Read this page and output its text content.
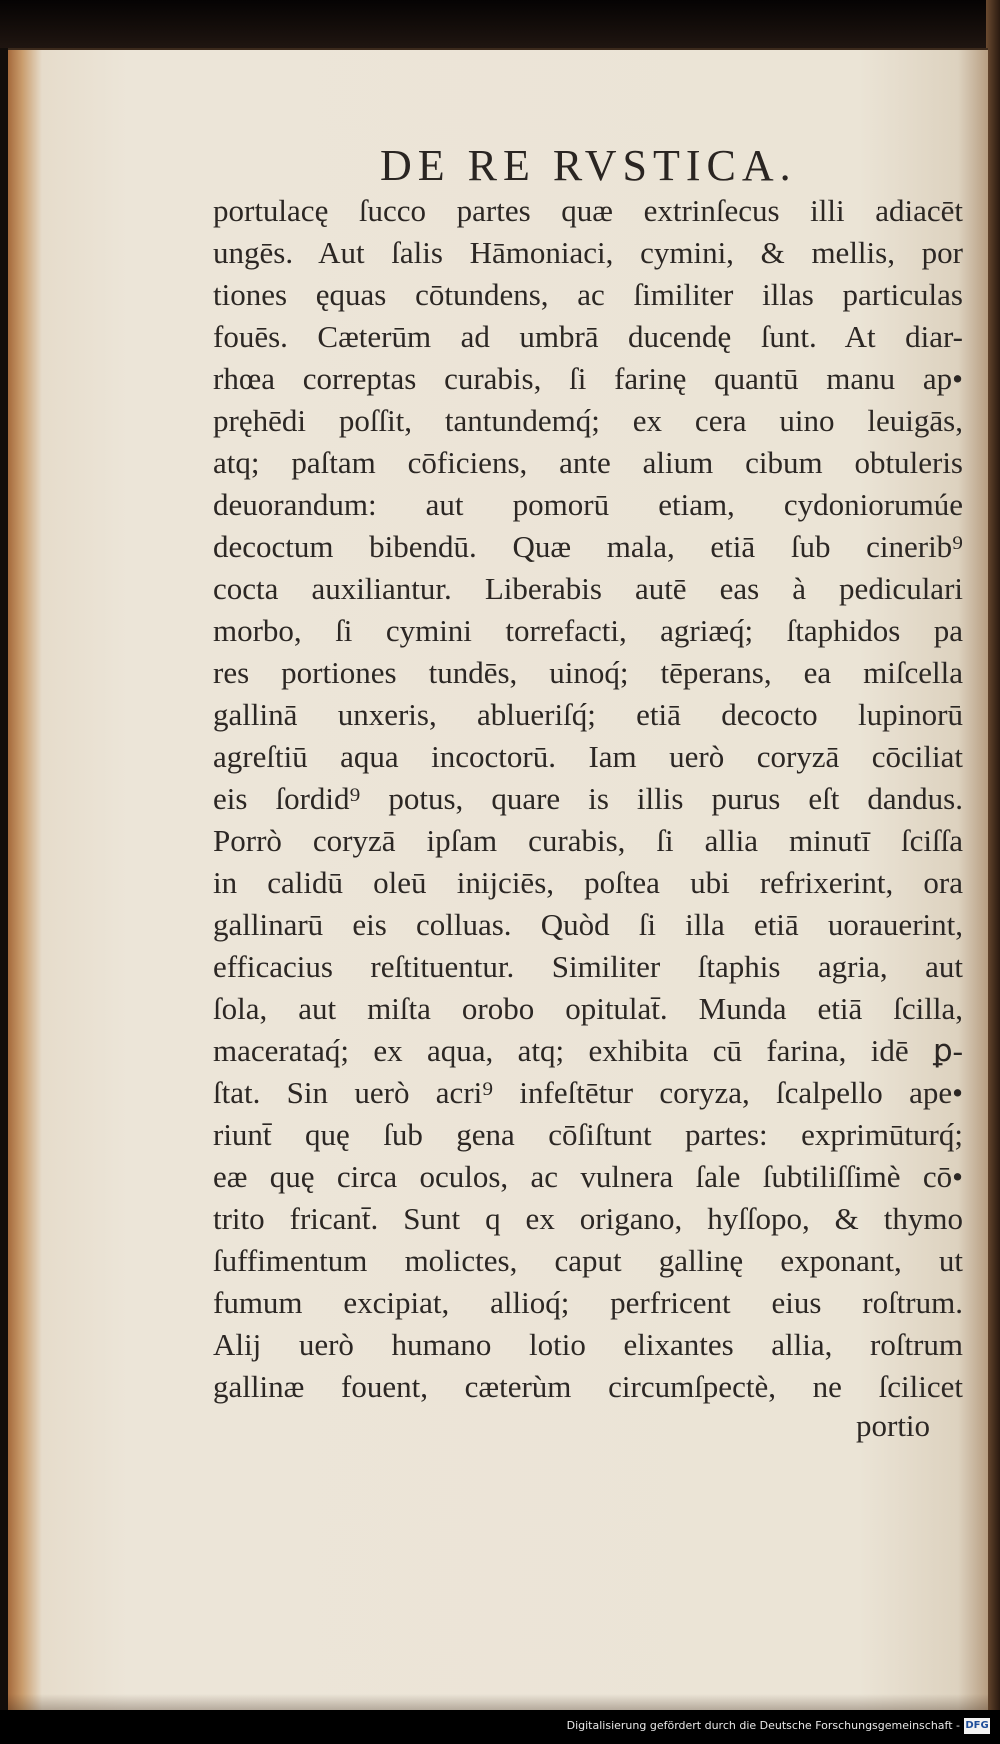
DE RE RVSTICA.
portulacę ſucco partes quæ extrinſecus illi adiacēt
ungēs. Aut ſalis Hāmoniaci, cymini, & mellis, por
tiones ęquas cōtundens, ac ſimiliter illas particulas
fouēs. Cæterūm ad umbrā ducendę ſunt. At diar-
rhœa correptas curabis, ſi farinę quantū manu ap•
pręhēdi poſſit, tantundemq́; ex cera uino leuigās,
atq; paſtam cōficiens, ante alium cibum obtuleris
deuorandum: aut pomorū etiam, cydoniorumúe
decoctum bibendū. Quæ mala, etiā ſub cinerib⁹
cocta auxiliantur. Liberabis autē eas à pediculari
morbo, ſi cymini torrefacti, agriæq́; ſtaphidos pa
res portiones tundēs, uinoq́; tēperans, ea miſcella
gallinā unxeris, ablueriſq́; etiā decocto lupinorū
agreſtiū aqua incoctorū. Iam uerò coryzā cōciliat
eis ſordid⁹ potus, quare is illis purus eſt dandus.
Porrò coryzā ipſam curabis, ſi allia minutī ſciſſa
in calidū oleū inijciēs, poſtea ubi refrixerint, ora
gallinarū eis colluas. Quòd ſi illa etiā uorauerint,
efficacius reſtituentur. Similiter ſtaphis agria, aut
ſola, aut miſta orobo opitulat̄. Munda etiā ſcilla,
macerataq́; ex aqua, atq; exhibita cū farina, idē ꝑ-
ſtat. Sin uerò acri⁹ infeſtētur coryza, ſcalpello ape•
riunt̄ quę ſub gena cōſiſtunt partes: exprimūturq́;
eæ quę circa oculos, ac vulnera ſale ſubtiliſſimè cō•
trito fricant̄. Sunt q ex origano, hyſſopo, & thymo
ſuffimentum molictes, caput gallinę exponant, ut
fumum excipiat, allioq́; perfricent eius roſtrum.
Alij uerò humano lotio elixantes allia, roſtrum
gallinæ fouent, cæterùm circumſpectè, ne ſcilicet
portio
Digitalisierung gefördert durch die Deutsche Forschungsgemeinschaft - DFG
